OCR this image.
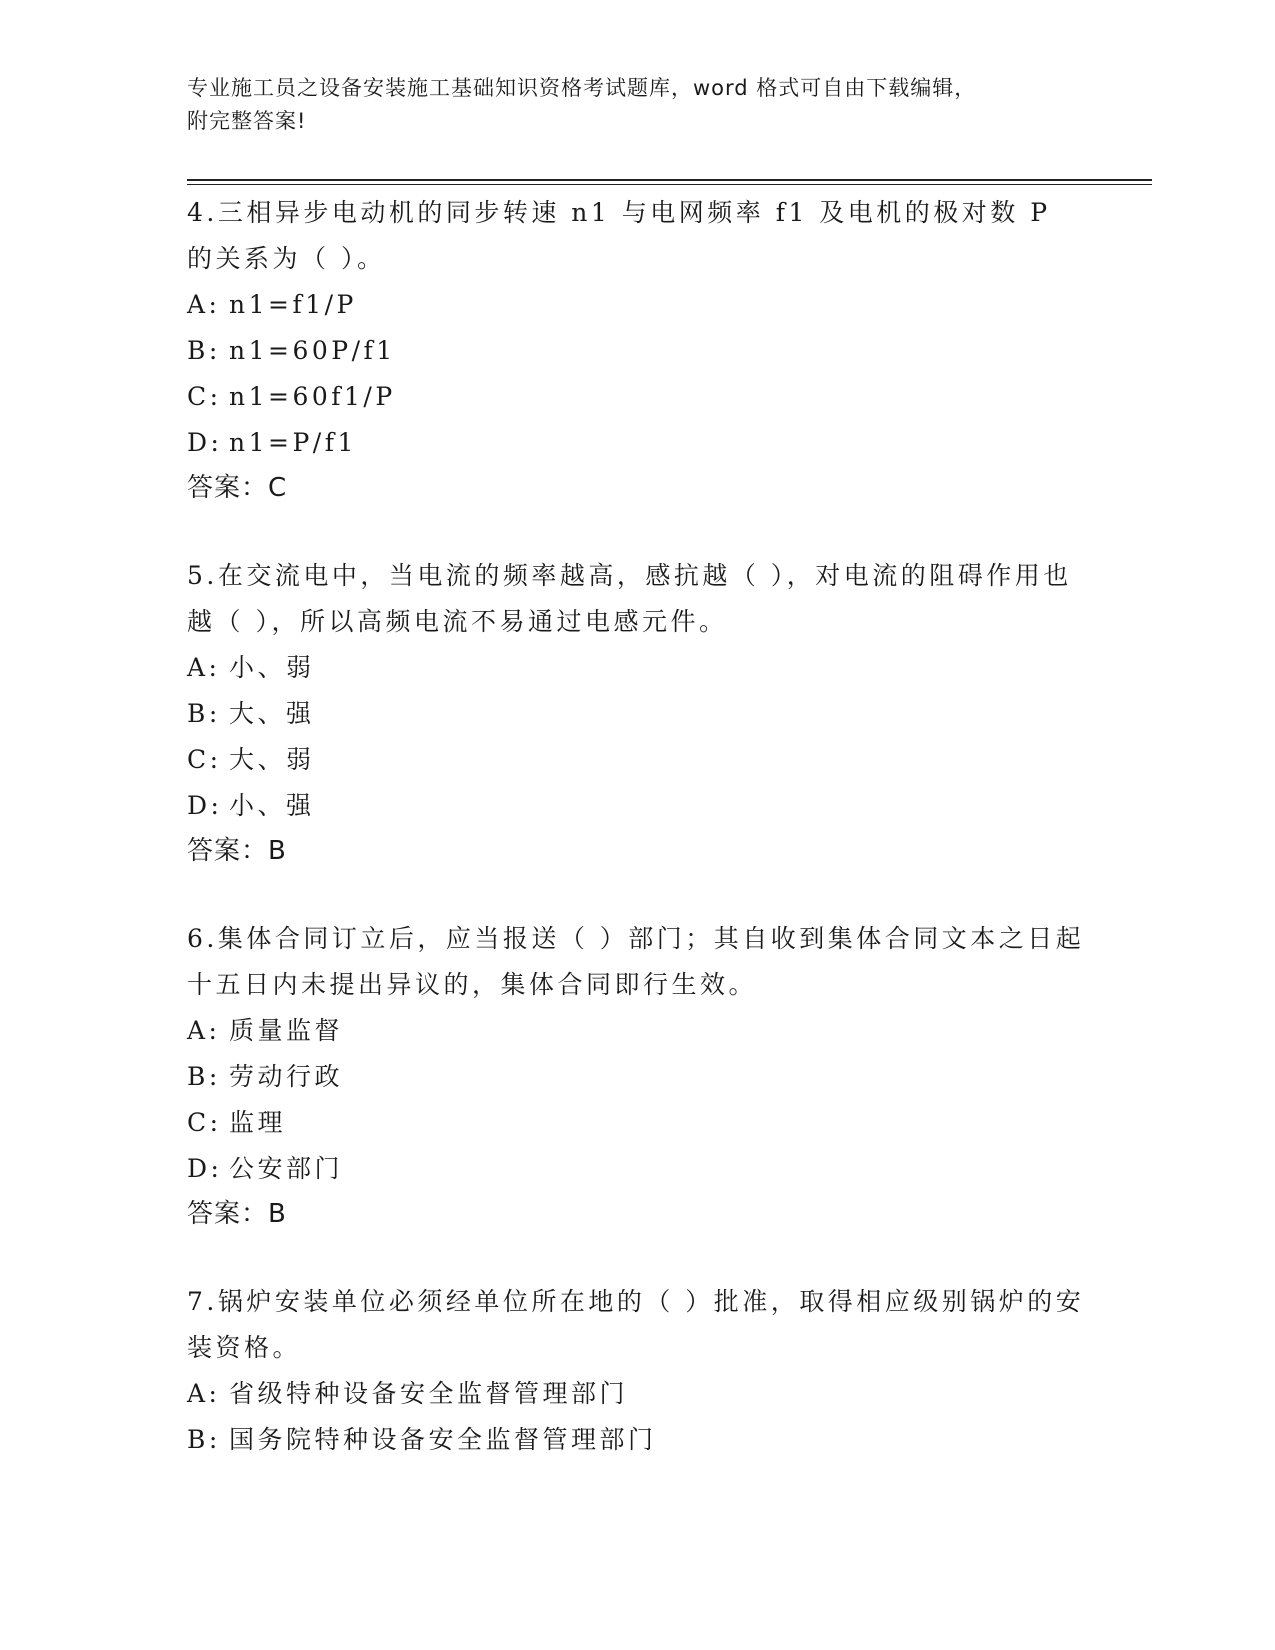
专业施工员之设备安装施工基础知识资格考试题库，word 格式可自由下载编辑，
附完整答案!
4.三相异步电动机的同步转速 n1 与电网频率 f1 及电机的极对数 P 的关系为（ ）。
A: n1=f1/P
B: n1=60P/f1
C: n1=60f1/P
D: n1=P/f1
答案：C
5.在交流电中，当电流的频率越高，感抗越（ ），对电流的阻碍作用也越（ ），所以高频电流不易通过电感元件。
A: 小、弱
B: 大、强
C: 大、弱
D: 小、强
答案：B
6.集体合同订立后，应当报送（ ）部门；其自收到集体合同文本之日起十五日内未提出异议的，集体合同即行生效。
A: 质量监督
B: 劳动行政
C: 监理
D: 公安部门
答案：B
7.锅炉安装单位必须经单位所在地的（ ）批准，取得相应级别锅炉的安装资格。
A: 省级特种设备安全监督管理部门
B: 国务院特种设备安全监督管理部门
